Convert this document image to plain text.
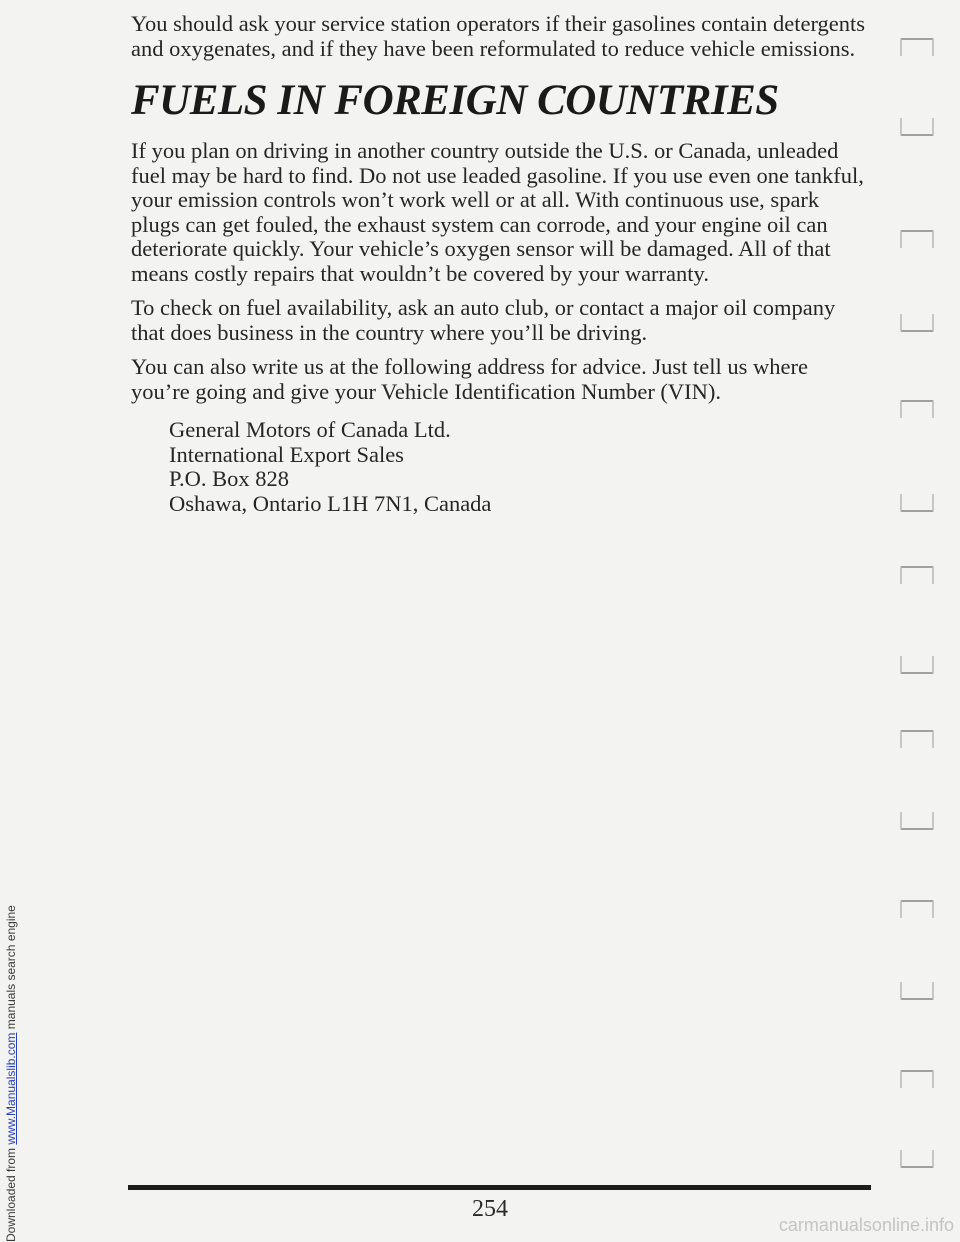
Downloaded from www.Manualslib.com manuals search engine

You should ask your service station operators if their gasolines contain detergents and oxygenates, and if they have been reformulated to reduce vehicle emissions.

FUELS IN FOREIGN COUNTRIES

If you plan on driving in another country outside the U.S. or Canada, unleaded fuel may be hard to find. Do not use leaded gasoline. If you use even one tankful, your emission controls won’t work well or at all. With continuous use, spark plugs can get fouled, the exhaust system can corrode, and your engine oil can deteriorate quickly. Your vehicle’s oxygen sensor will be damaged. All of that means costly repairs that wouldn’t be covered by your warranty.

To check on fuel availability, ask an auto club, or contact a major oil company that does business in the country where you’ll be driving.

You can also write us at the following address for advice. Just tell us where you’re going and give your Vehicle Identification Number (VIN).

General Motors of Canada Ltd.
International Export Sales
P.O. Box 828
Oshawa, Ontario L1H 7N1, Canada
254
carmanualsonline.info
